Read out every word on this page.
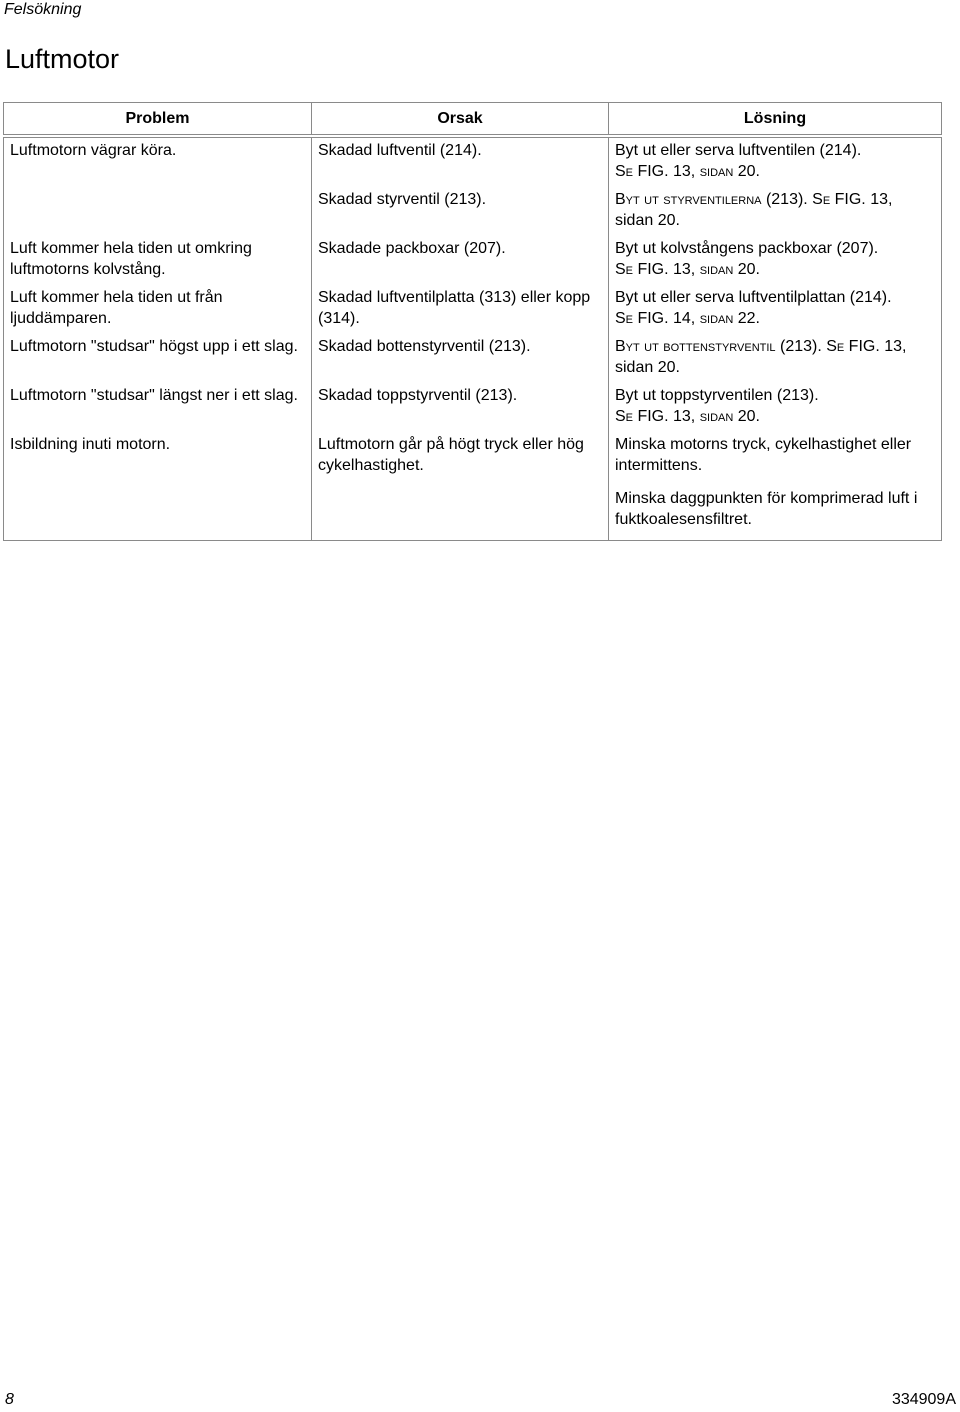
Felsökning
Luftmotor
Problem	Orsak	Lösning
Luftmotorn vägrar köra.	Skadad luftventil (214).	Byt ut eller serva luftventilen (214).
Se FIG. 13, sidan 20.

	Skadad styrventil (213).	Byt ut styrventilerna (213). Se FIG. 13,
sidan 20.

Luft kommer hela tiden ut omkring luftmotorns kolvstång.	Skadade packboxar (207).	Byt ut kolvstångens packboxar (207).
Se FIG. 13, sidan 20.

Luft kommer hela tiden ut från ljuddämparen.	Skadad luftventilplatta (313) eller kopp (314).	Byt ut eller serva luftventilplattan (214).
Se FIG. 14, sidan 22.

Luftmotorn "studsar" högst upp i ett slag.	Skadad bottenstyrventil (213).	Byt ut bottenstyrventil (213). Se FIG. 13,
sidan 20.

Luftmotorn "studsar" längst ner i ett slag.	Skadad toppstyrventil (213).	Byt ut toppstyrventilen (213).
Se FIG. 13, sidan 20.

Isbildning inuti motorn.	Luftmotorn går på högt tryck eller hög cykelhastighet.	Minska motorns tryck, cykelhastighet eller intermittens.
Minska daggpunkten för komprimerad luft i fuktkoalesensfiltret.
8	334909A
